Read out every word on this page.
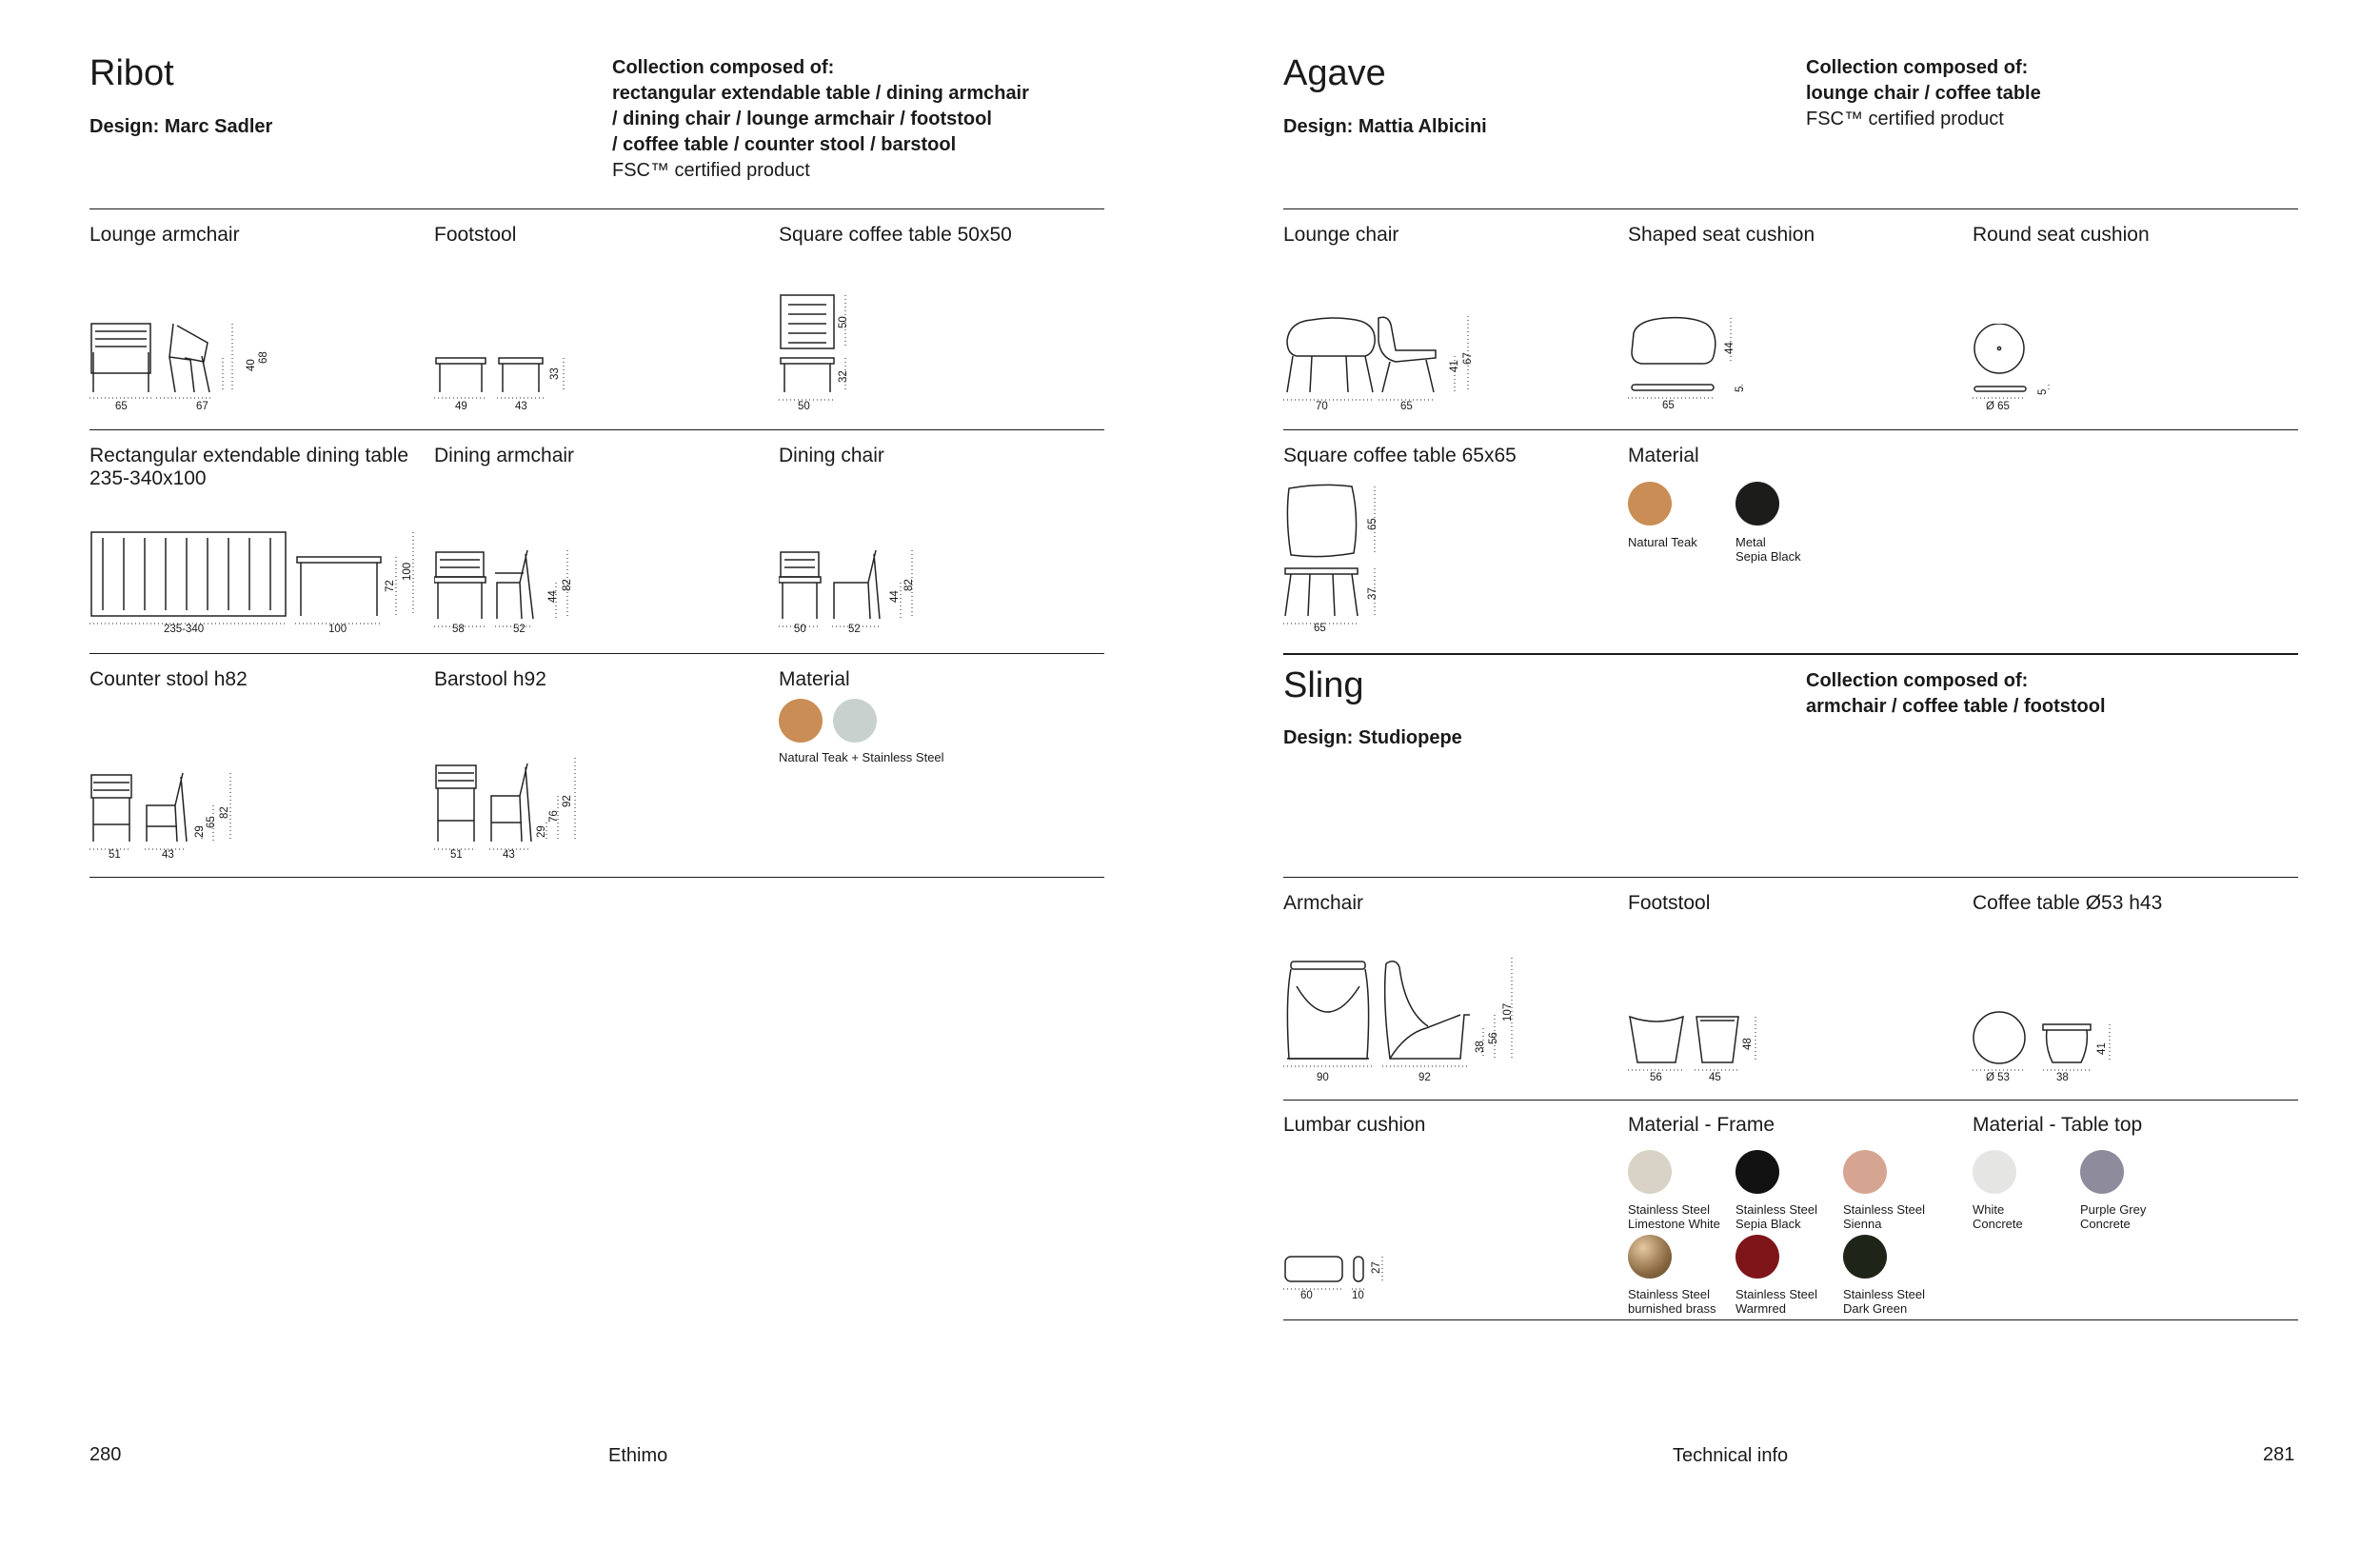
Ribot
Design: Marc Sadler
Collection composed of:
rectangular extendable table / dining armchair
/ dining chair / lounge armchair / footstool
/ coffee table / counter stool / barstool
FSC™ certified product
Lounge armchair
65	67
40
68
Footstool
49	43
33
Square coffee table 50x50
50
50
32
Rectangular extendable dining table
235-340x100
235-340	100
72
100
Dining armchair
58	52
44
82
Dining chair
50	52
44
82
Counter stool h82
51	43
29
65
82
Barstool h92
51	43
29
76
92
Material
Natural Teak + Stainless Steel
280	Ethimo
Agave
Design: Mattia Albicini
Collection composed of:
lounge chair / coffee table
FSC™ certified product
Lounge chair
70	65
41
67
Shaped seat cushion
65
44
5
Round seat cushion
Ø 65
5
Square coffee table 65x65
65
65
37
Material
Natural Teak	Metal
Sepia Black
Sling
Design: Studiopepe
Collection composed of:
armchair / coffee table / footstool
Armchair
90	92
38
56
107
Footstool
56	45
48
Coffee table Ø53 h43
Ø 53	38
41
Lumbar cushion
60	10
27
Material - Frame
Stainless Steel
Limestone White
Stainless Steel
Sepia Black
Stainless Steel
Sienna
Stainless Steel
burnished brass
Stainless Steel
Warmred
Stainless Steel
Dark Green
Material - Table top
White
Concrete
Purple Grey
Concrete
Technical info	281
